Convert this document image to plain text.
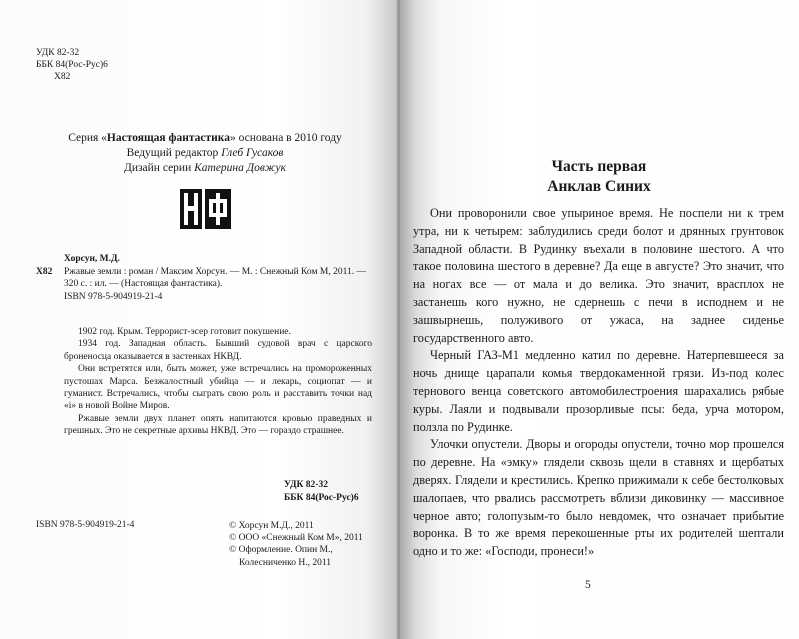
УДК 82-32
ББК 84(Рос-Рус)6
Х82
Серия «Настоящая фантастика» основана в 2010 году
Ведущий редактор Глеб Гусаков
Дизайн серии Катерина Довжук
Хорсун, М.Д.
Х82	Ржавые земли : роман / Максим Хорсун. — М. : Снежный Ком М, 2011. — 320 с. : ил. — (Настоящая фантастика).
ISBN 978-5-904919-21-4

1902 год. Крым. Террорист-эсер готовит покушение.

1934 год. Западная область. Бывший судовой врач с царского броненосца оказывается в застенках НКВД.

Они встретятся или, быть может, уже встречались на промороженных пустошах Марса. Безжалостный убийца — и лекарь, социопат — и гуманист. Встречались, чтобы сыграть свою роль и расставить точки над «i» в новой Войне Миров.

Ржавые земли двух планет опять напитаются кровью праведных и грешных. Это не секретные архивы НКВД. Это — гораздо страшнее.

УДК 82-32
ББК 84(Рос-Рус)6
ISBN 978-5-904919-21-4	© Хорсун М.Д., 2011
© ООО «Снежный Ком М», 2011
© Оформление. Опин М.,
Колесниченко Н., 2011
Часть первая
Анклав Синих

Они проворонили свое упыриное время. Не поспели ни к трем утра, ни к четырем: заблудились среди болот и дрянных грунтовок Западной области. В Рудинку въехали в половине шестого. А что такое половина шестого в деревне? Да еще в августе? Это значит, что на ногах все — от мала и до велика. Это значит, врасплох не застанешь кого нужно, не сдернешь с печи в исподнем и не зашвырнешь, полуживого от ужаса, на заднее сиденье государственного авто.

Черный ГАЗ-М1 медленно катил по деревне. Натерпевшееся за ночь днище царапали комья твердокаменной грязи. Из-под колес тернового венца советского автомобилестроения шарахались рябые куры. Лаяли и подвывали прозорливые псы: беда, урча мотором, ползла по Рудинке.

Улочки опустели. Дворы и огороды опустели, точно мор прошелся по деревне. На «эмку» глядели сквозь щели в ставнях и щербатых дверях. Глядели и крестились. Крепко прижимали к себе бестолковых шалопаев, что рвались рассмотреть вблизи диковинку — массивное черное авто; голопузым-то было невдомек, что означает прибытие воронка. В то же время перекошенные рты их родителей шептали одно и то же: «Господи, пронеси!»

5
